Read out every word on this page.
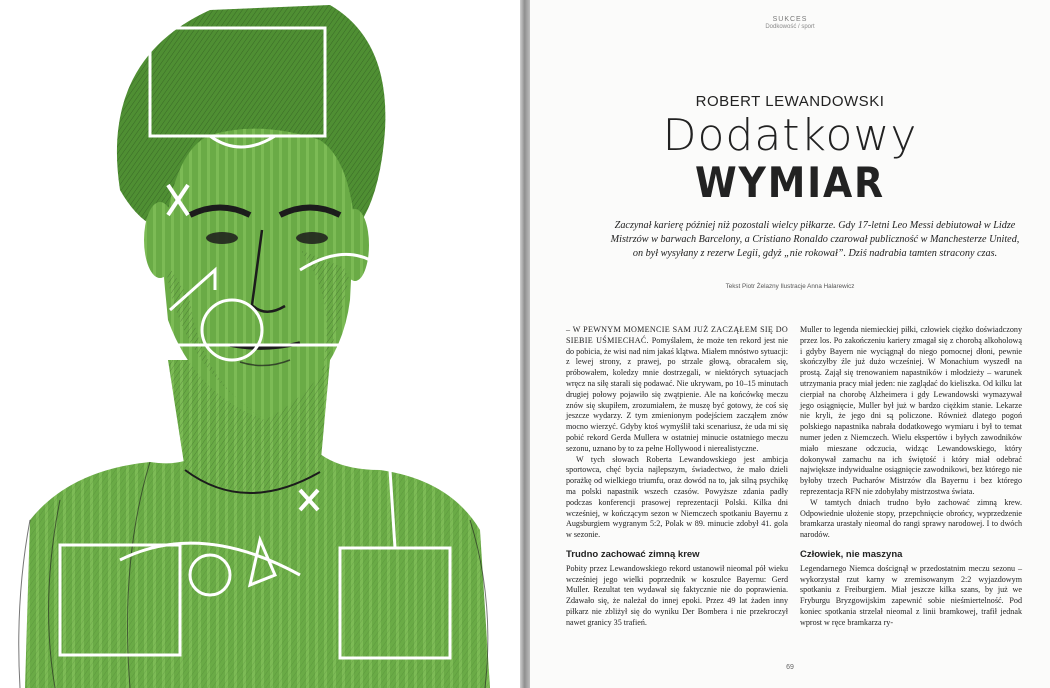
SUKCES
Dodkowość / sport
ROBERT LEWANDOWSKI
Dodatkowy
WYMIAR
Zaczynał karierę później niż pozostali wielcy piłkarze. Gdy 17-letni Leo Messi debiutował w Lidze Mistrzów w barwach Barcelony, a Cristiano Ronaldo czarował publiczność w Manchesterze United, on był wysyłany z rezerw Legii, gdyż „nie rokował”. Dziś nadrabia tamten stracony czas.
Tekst Piotr Żelazny Ilustracje Anna Halarewicz

– W PEWNYM MOMENCIE SAM JUŻ ZACZĄŁEM SIĘ DO SIEBIE UŚMIECHAĆ. Pomyślałem, że może ten rekord jest nie do pobicia, że wisi nad nim jakaś klątwa. Miałem mnóstwo sytuacji: z lewej strony, z prawej, po strzale głową, obracałem się, próbowałem, koledzy mnie dostrzegali, w niektórych sytuacjach wręcz na siłę starali się podawać. Nie ukrywam, po 10–15 minutach drugiej połowy pojawiło się zwątpienie. Ale na końcówkę meczu znów się skupiłem, zrozumiałem, że muszę być gotowy, że coś się jeszcze wydarzy. Z tym zmienionym podejściem zacząłem znów mocno wierzyć. Gdyby ktoś wymyślił taki scenariusz, że uda mi się pobić rekord Gerda Mullera w ostatniej minucie ostatniego meczu sezonu, uznano by to za pełne Hollywood i nierealistyczne.

W tych słowach Roberta Lewandowskiego jest ambicja sportowca, chęć bycia najlepszym, świadectwo, że mało dzieli porażkę od wielkiego triumfu, oraz dowód na to, jak silną psychikę ma polski napastnik wszech czasów. Powyższe zdania padły podczas konferencji prasowej reprezentacji Polski. Kilka dni wcześniej, w kończącym sezon w Niemczech spotkaniu Bayernu z Augsburgiem wygranym 5:2, Polak w 89. minucie zdobył 41. gola w sezonie.

Trudno zachować zimną krew

Pobity przez Lewandowskiego rekord ustanowił nieomal pół wieku wcześniej jego wielki poprzednik w koszulce Bayernu: Gerd Muller. Rezultat ten wydawał się faktycznie nie do poprawienia. Zdawało się, że należał do innej epoki. Przez 49 lat żaden inny piłkarz nie zbliżył się do wyniku Der Bombera i nie przekroczył nawet granicy 35 trafień.

Muller to legenda niemieckiej piłki, człowiek ciężko doświadczony przez los. Po zakończeniu kariery zmagał się z chorobą alkoholową i gdyby Bayern nie wyciągnął do niego pomocnej dłoni, pewnie skończyłby źle już dużo wcześniej. W Monachium wyszedł na prostą. Zajął się trenowaniem napastników i młodzieży – warunek utrzymania pracy miał jeden: nie zaglądać do kieliszka. Od kilku lat cierpiał na chorobę Alzheimera i gdy Lewandowski wymazywał jego osiągnięcie, Muller był już w bardzo ciężkim stanie. Lekarze nie kryli, że jego dni są policzone. Również dlatego pogoń polskiego napastnika nabrała dodatkowego wymiaru i był to temat numer jeden z Niemczech. Wielu ekspertów i byłych zawodników miało mieszane odczucia, widząc Lewandowskiego, który dokonywał zamachu na ich świętość i który miał odebrać największe indywidualne osiągnięcie zawodnikowi, bez którego nie byłoby trzech Pucharów Mistrzów dla Bayernu i bez którego reprezentacja RFN nie zdobyłaby mistrzostwa świata.

W tamtych dniach trudno było zachować zimną krew. Odpowiednie ułożenie stopy, przepchnięcie obrońcy, wyprzedzenie bramkarza urastały nieomal do rangi sprawy narodowej. I to dwóch narodów.

Człowiek, nie maszyna

Legendarnego Niemca doścignął w przedostatnim meczu sezonu – wykorzystał rzut karny w zremisowanym 2:2 wyjazdowym spotkaniu z Freiburgiem. Miał jeszcze kilka szans, by już we Fryburgu Bryzgowijskim zapewnić sobie nieśmiertelność. Pod koniec spotkania strzelał nieomal z linii bramkowej, trafił jednak wprost w ręce bramkarza ry-

69
